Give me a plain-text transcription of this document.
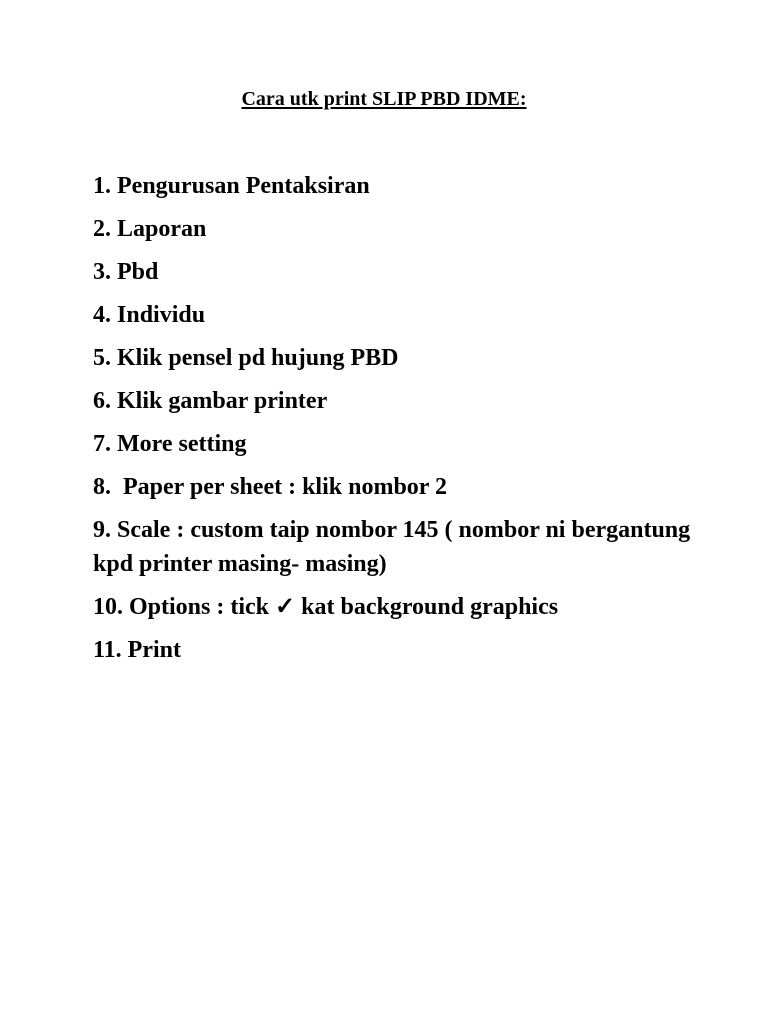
Cara utk print SLIP PBD IDME:
1. Pengurusan Pentaksiran
2. Laporan
3. Pbd
4. Individu
5. Klik pensel pd hujung PBD
6. Klik gambar printer
7. More setting
8.  Paper per sheet : klik nombor 2
9. Scale : custom taip nombor 145 ( nombor ni bergantung kpd printer masing- masing)
10. Options : tick ✓ kat background graphics
11. Print
